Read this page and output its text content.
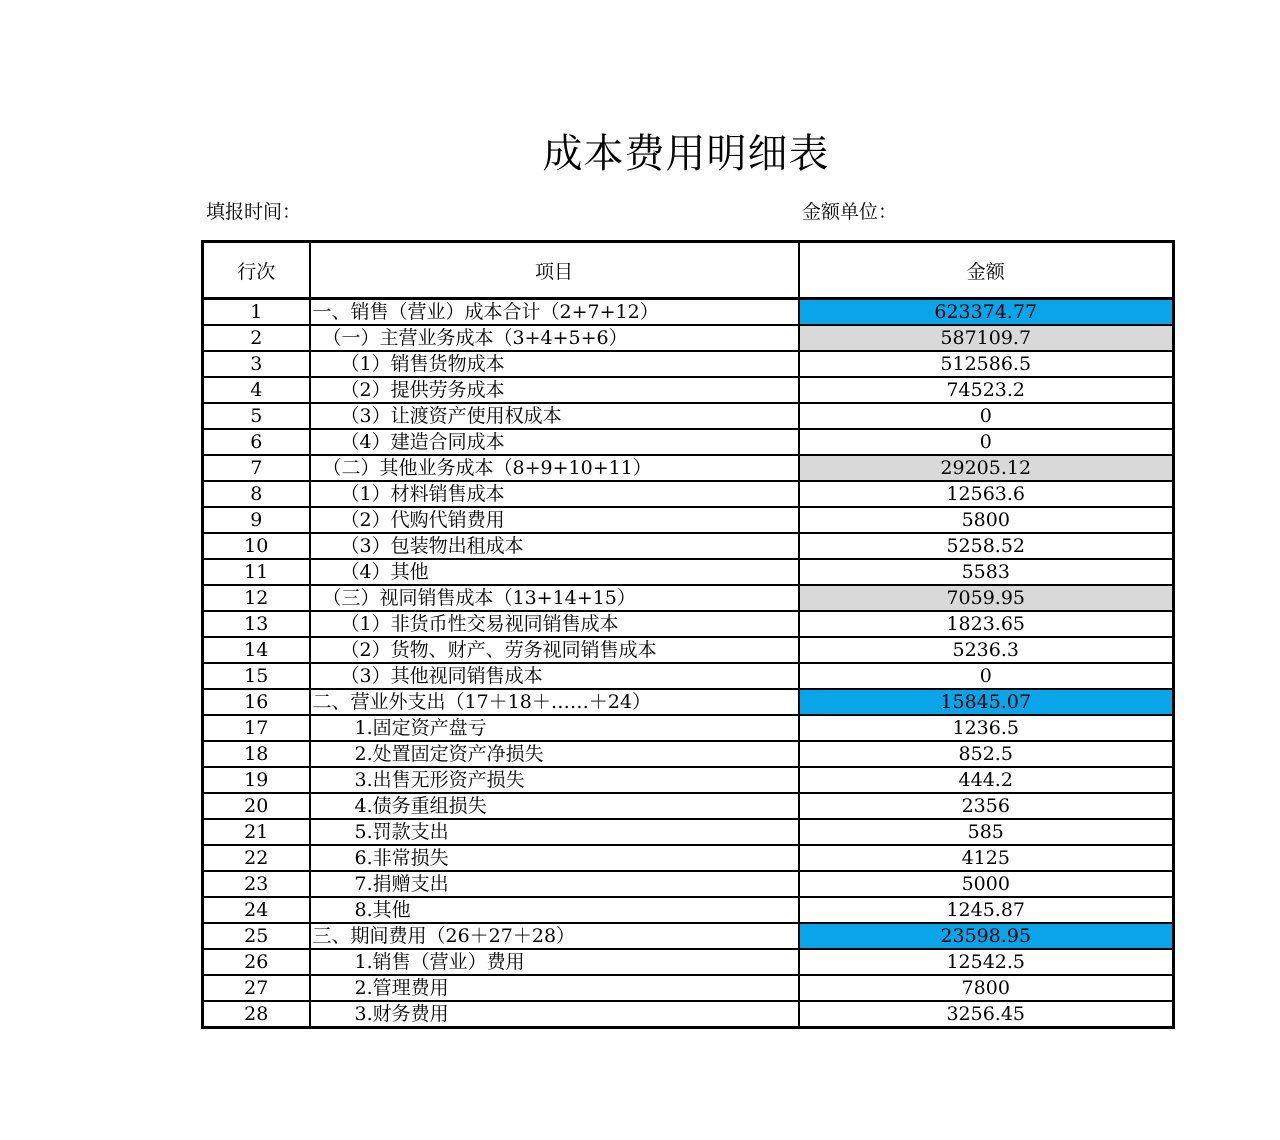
成本费用明细表
填报时间：	金额单位：
行次	项目	金额
1	一、销售（营业）成本合计（2+7+12）	623374.77
2	（一）主营业务成本（3+4+5+6）	587109.7
3	（1）销售货物成本	512586.5
4	（2）提供劳务成本	74523.2
5	（3）让渡资产使用权成本	0
6	（4）建造合同成本	0
7	（二）其他业务成本（8+9+10+11）	29205.12
8	（1）材料销售成本	12563.6
9	（2）代购代销费用	5800
10	（3）包装物出租成本	5258.52
11	（4）其他	5583
12	（三）视同销售成本（13+14+15）	7059.95
13	（1）非货币性交易视同销售成本	1823.65
14	（2）货物、财产、劳务视同销售成本	5236.3
15	（3）其他视同销售成本	0
16	二、营业外支出（17＋18＋……＋24）	15845.07
17	1.固定资产盘亏	1236.5
18	2.处置固定资产净损失	852.5
19	3.出售无形资产损失	444.2
20	4.债务重组损失	2356
21	5.罚款支出	585
22	6.非常损失	4125
23	7.捐赠支出	5000
24	8.其他	1245.87
25	三、期间费用（26＋27＋28）	23598.95
26	1.销售（营业）费用	12542.5
27	2.管理费用	7800
28	3.财务费用	3256.45
